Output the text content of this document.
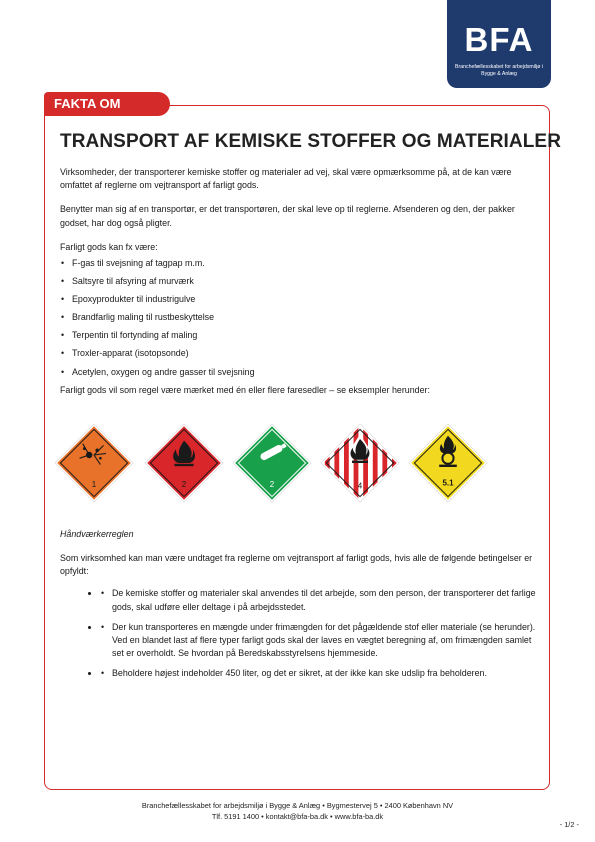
BFA
Branchefællesskabet for arbejdsmiljø i Bygge & Anlæg
FAKTA OM
TRANSPORT AF KEMISKE STOFFER OG MATERIALER

Virksomheder, der transporterer kemiske stoffer og materialer ad vej, skal være opmærksomme på, at de kan være omfattet af reglerne om vejtransport af farligt gods.

Benytter man sig af en transportør, er det transportøren, der skal leve op til reglerne. Afsenderen og den, der pakker godset, har dog også pligter.

Farligt gods kan fx være:
• F-gas til svejsning af tagpap m.m.
• Saltsyre til afsyring af murværk
• Epoxyprodukter til industrigulve
• Brandfarlig maling til rustbeskyttelse
• Terpentin til fortynding af maling
• Troxler-apparat (isotopsonde)
• Acetylen, oxygen og andre gasser til svejsning
Farligt gods vil som regel være mærket med én eller flere faresedler – se eksempler herunder:
1	2	2	4	5.1
Håndværkerreglen

Som virksomhed kan man være undtaget fra reglerne om vejtransport af farligt gods, hvis alle de følgende betingelser er opfyldt:

• • De kemiske stoffer og materialer skal anvendes til det arbejde, som den person, der transporterer det farlige gods, skal udføre eller deltage i på arbejdsstedet.
• • Der kun transporteres en mængde under frimængden for det pågældende stof eller materiale (se herunder). Ved en blandet last af flere typer farligt gods skal der laves en vægtet beregning af, om frimængden samlet set er overholdt. Se hvordan på Beredskabsstyrelsens hjemmeside.
• • Beholdere højest indeholder 450 liter, og det er sikret, at der ikke kan ske udslip fra beholderen.
Branchefællesskabet for arbejdsmiljø i Bygge & Anlæg • Bygmestervej 5 • 2400 København NV
Tlf. 5191 1400 • kontakt@bfa-ba.dk • www.bfa-ba.dk
- 1/2 -
